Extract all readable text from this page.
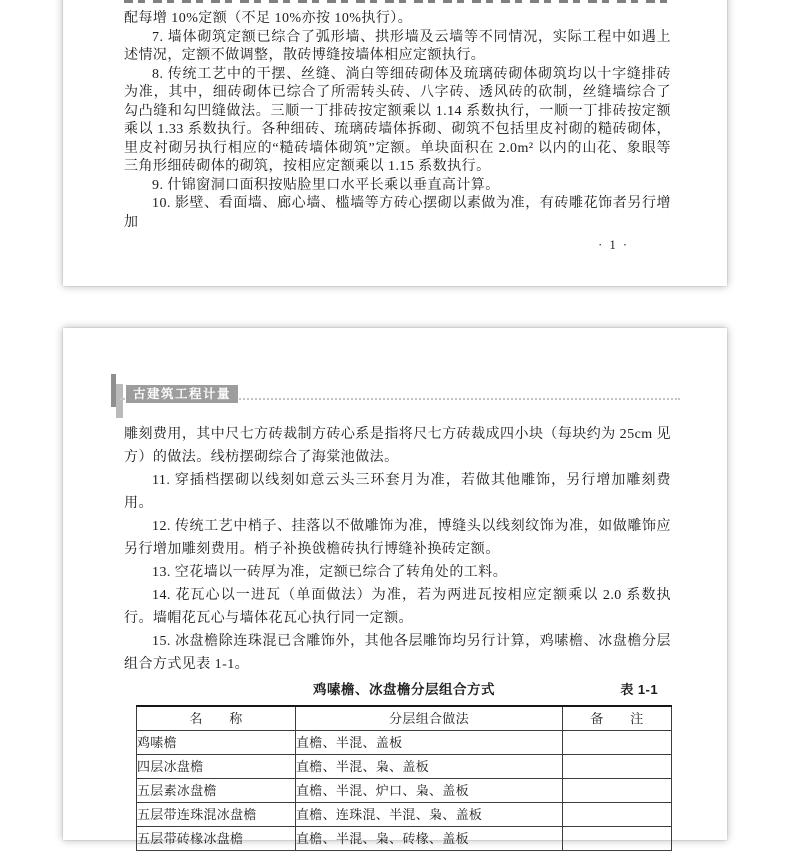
配每增 10%定额（不足 10%亦按 10%执行）。

7. 墙体砌筑定额已综合了弧形墙、拱形墙及云墙等不同情况，实际工程中如遇上述情况，定额不做调整，散砖博缝按墙体相应定额执行。

8. 传统工艺中的干摆、丝缝、淌白等细砖砌体及琉璃砖砌体砌筑均以十字缝排砖为准，其中，细砖砌体已综合了所需转头砖、八字砖、透风砖的砍制，丝缝墙综合了勾凸缝和勾凹缝做法。三顺一丁排砖按定额乘以 1.14 系数执行，一顺一丁排砖按定额乘以 1.33 系数执行。各种细砖、琉璃砖墙体拆砌、砌筑不包括里皮衬砌的糙砖砌体，里皮衬砌另执行相应的“糙砖墙体砌筑”定额。单块面积在 2.0m² 以内的山花、象眼等三角形细砖砌体的砌筑，按相应定额乘以 1.15 系数执行。

9. 什锦窗洞口面积按贴脸里口水平长乘以垂直高计算。

10. 影壁、看面墙、廊心墙、槛墙等方砖心摆砌以素做为准，有砖雕花饰者另行增加

· 1 ·
古建筑工程计量

雕刻费用，其中尺七方砖裁制方砖心系是指将尺七方砖裁成四小块（每块约为 25cm 见方）的做法。线枋摆砌综合了海棠池做法。

11. 穿插档摆砌以线刻如意云头三环套月为准，若做其他雕饰，另行增加雕刻费用。

12. 传统工艺中梢子、挂落以不做雕饰为准，博缝头以线刻纹饰为准，如做雕饰应另行增加雕刻费用。梢子补换戗檐砖执行博缝补换砖定额。

13. 空花墙以一砖厚为准，定额已综合了转角处的工料。

14. 花瓦心以一进瓦（单面做法）为准，若为两进瓦按相应定额乘以 2.0 系数执行。墙帽花瓦心与墙体花瓦心执行同一定额。

15. 冰盘檐除连珠混已含雕饰外，其他各层雕饰均另行计算，鸡嗉檐、冰盘檐分层组合方式见表 1-1。

鸡嗉檐、冰盘檐分层组合方式	表 1-1
名　　称	分层组合做法	备　　注
鸡嗉檐	直檐、半混、盖板	
四层冰盘檐	直檐、半混、枭、盖板	
五层素冰盘檐	直檐、半混、炉口、枭、盖板	
五层带连珠混冰盘檐	直檐、连珠混、半混、枭、盖板	
五层带砖椽冰盘檐	直檐、半混、枭、砖椽、盖板	
